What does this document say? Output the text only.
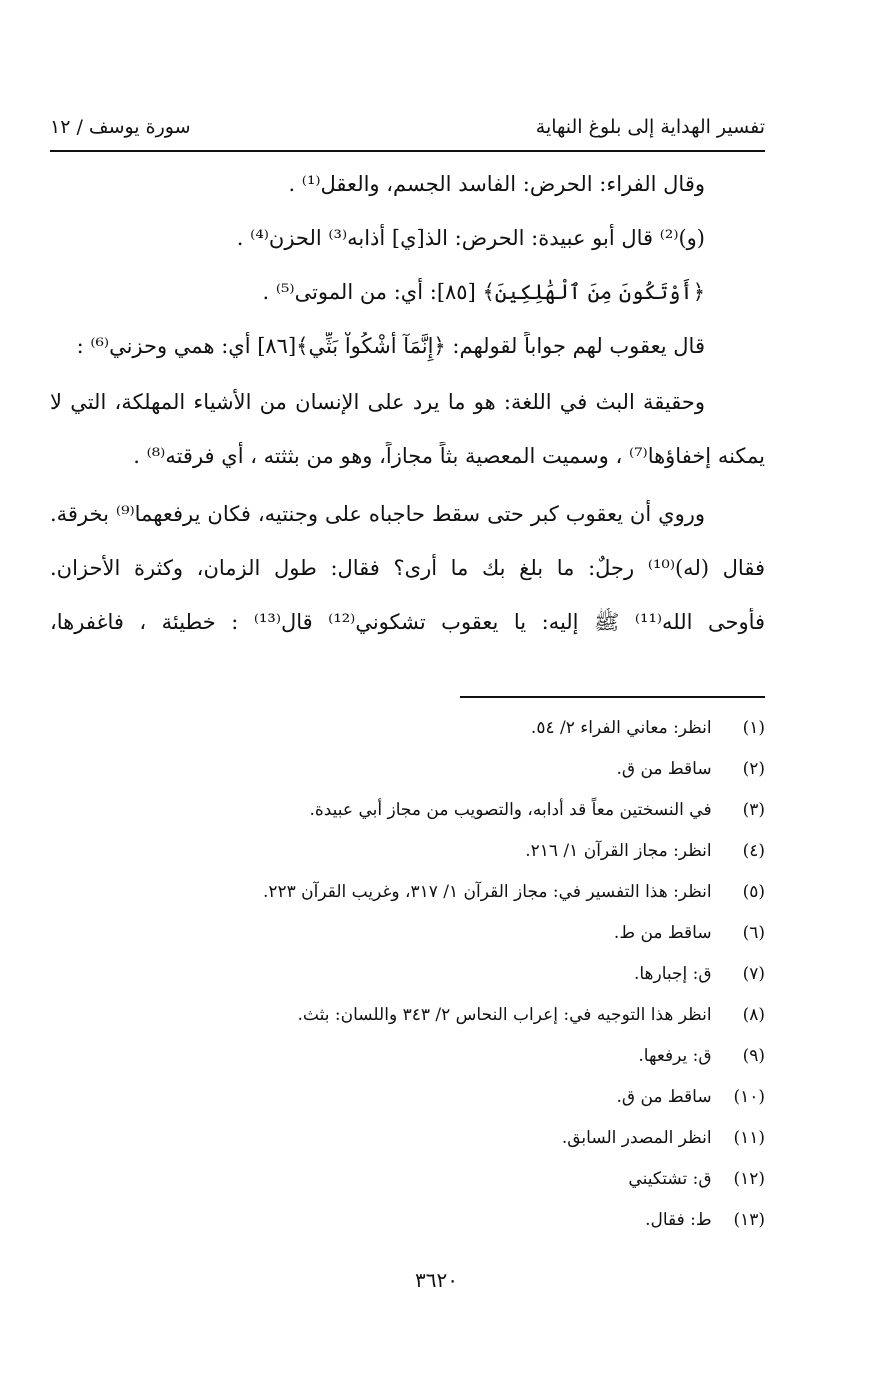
تفسير الهداية إلى بلوغ النهاية
سورة يوسف / ١٢
وقال الفراء: الحرض: الفاسد الجسم، والعقل⁽¹⁾ .
(و)⁽²⁾ قال أبو عبيدة: الحرض: الذ[ي] أذابه⁽³⁾ الحزن⁽⁴⁾ .
﴿أَوْتَكُونَ مِنَ ٱلْهَٰلِكِينَ﴾ [٨٥]: أي: من الموتى⁽⁵⁾ .
قال يعقوب لهم جواباً لقولهم: ﴿إِنَّمَآ أَشْكُواْ بَثِّي﴾[٨٦] أي: همي وحزني⁽⁶⁾ :
وحقيقة البث في اللغة: هو ما يرد على الإنسان من الأشياء المهلكة، التي لا
يمكنه إخفاؤها⁽⁷⁾ ، وسميت المعصية بثاً مجازاً، وهو من بثثته ، أي فرقته⁽⁸⁾ .
وروي أن يعقوب كبر حتى سقط حاجباه على وجنتيه، فكان يرفعهما⁽⁹⁾ بخرقة.
فقال (له)⁽¹⁰⁾ رجلٌ: ما بلغ بك ما أرى؟ فقال: طول الزمان، وكثرة الأحزان.
فأوحى الله⁽¹¹⁾ ﷺ إليه: يا يعقوب تشكوني⁽¹²⁾ قال⁽¹³⁾ : خطيئة ، فاغفرها،
(١) انظر: معاني الفراء ٢/ ٥٤.
(٢) ساقط من ق.
(٣) في النسختين معاً قد أدابه، والتصويب من مجاز أبي عبيدة.
(٤) انظر: مجاز القرآن ١/ ٢١٦.
(٥) انظر: هذا التفسير في: مجاز القرآن ١/ ٣١٧، وغريب القرآن ٢٢٣.
(٦) ساقط من ط.
(٧) ق: إجبارها.
(٨) انظر هذا التوجيه في: إعراب النحاس ٢/ ٣٤٣ واللسان: بثث.
(٩) ق: يرفعها.
(١٠) ساقط من ق.
(١١) انظر المصدر السابق.
(١٢) ق: تشتكيني
(١٣) ط: فقال.
٣٦٢٠
